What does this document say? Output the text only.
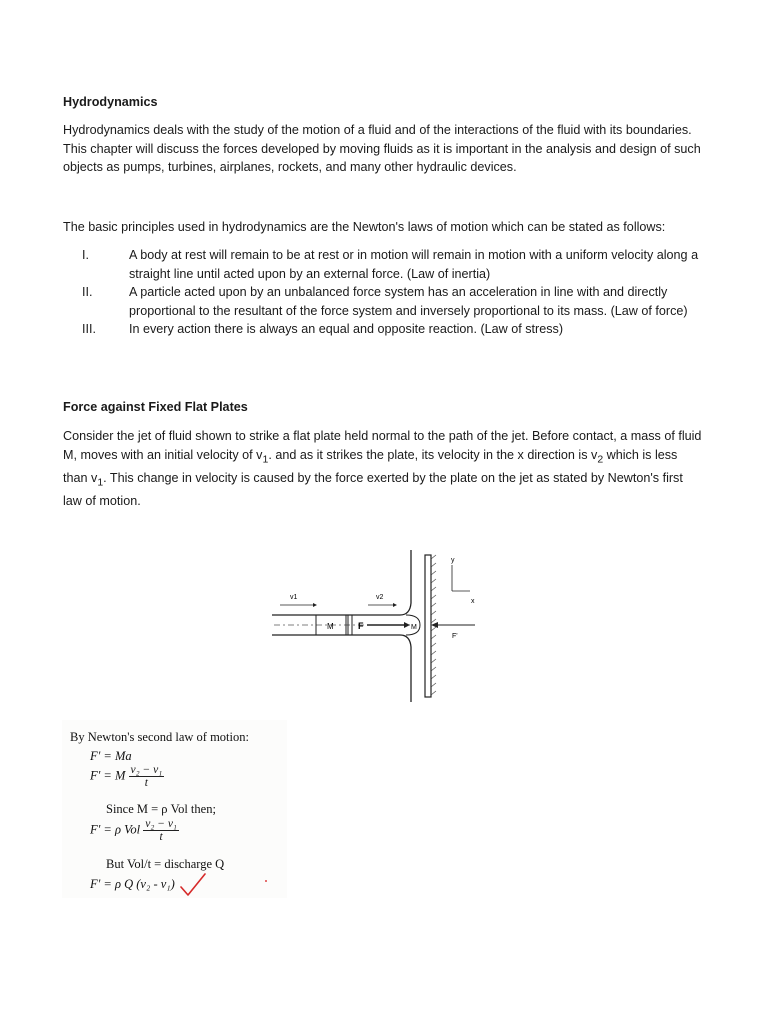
Hydrodynamics

Hydrodynamics deals with the study of the motion of a fluid and of the interactions of the fluid with its boundaries. This chapter will discuss the forces developed by moving fluids as it is important in the analysis and design of such objects as pumps, turbines, airplanes, rockets, and many other hydraulic devices.

The basic principles used in hydrodynamics are the Newton's laws of motion which can be stated as follows:

I.	A body at rest will remain to be at rest or in motion will remain in motion with a uniform velocity along a straight line until acted upon by an external force. (Law of inertia)
II.	A particle acted upon by an unbalanced force system has an acceleration in line with and directly proportional to the resultant of the force system and inversely proportional to its mass. (Law of force)
III.	In every action there is always an equal and opposite reaction. (Law of stress)
Force against Fixed Flat Plates

Consider the jet of fluid shown to strike a flat plate held normal to the path of the jet. Before contact, a mass of fluid M, moves with an initial velocity of $v_1$. and as it strikes the plate, its velocity in the x direction is $v_2$ which is less than $v_1$. This change in velocity is caused by the force exerted by the plate on the jet as stated by Newton's first law of motion.

M	F	M
F'
v1	v2
y
x
By Newton's second law of motion:
F' = Ma
F' = M $\frac{\text{v₂ − v₁}}{t}$
Since M = ρ Vol then;
F' = ρ Vol $\frac{\text{v₂ − v₁}}{t}$
But Vol/t = discharge Q
F' = ρ Q (v₂ - v₁)
